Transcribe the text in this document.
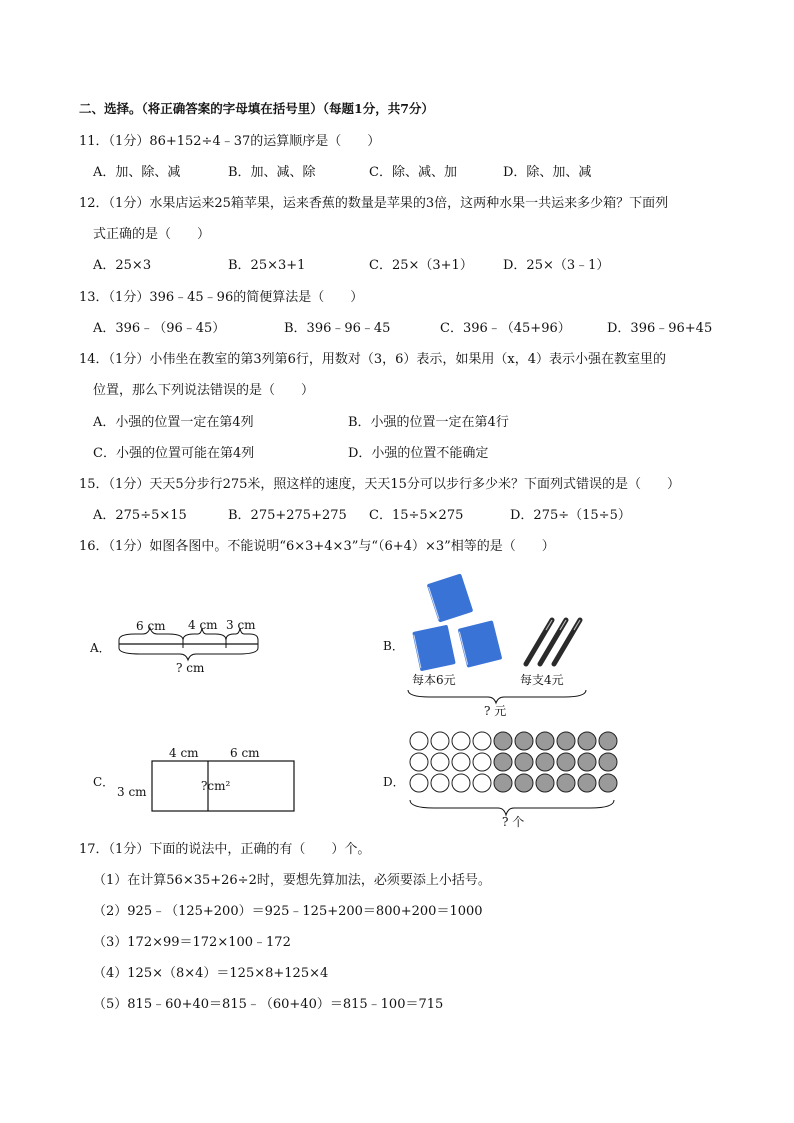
二、选择。（将正确答案的字母填在括号里）（每题1分，共7分）
11．（1分）86+152÷4﹣37的运算顺序是（　　）
A．加、除、减	B．加、减、除	C．除、减、加	D．除、加、减
12．（1分）水果店运来25箱苹果，运来香蕉的数量是苹果的3倍，这两种水果一共运来多少箱？下面列
式正确的是（　　）
A．25×3	B．25×3+1	C．25×（3+1） D．25×（3﹣1）
13．（1分）396﹣45﹣96的简便算法是（　　）
A．396﹣（96﹣45）	B．396﹣96﹣45	C．396﹣（45+96）	D．396﹣96+45
14．（1分）小伟坐在教室的第3列第6行，用数对（3，6）表示，如果用（x，4）表示小强在教室里的
位置，那么下列说法错误的是（　　）
A．小强的位置一定在第4列	B．小强的位置一定在第4行
C．小强的位置可能在第4列	D．小强的位置不能确定
15．（1分）天天5分步行275米，照这样的速度，天天15分可以步行多少米？下面列式错误的是（　　）
A．275÷5×15	B．275+275+275 C．15÷5×275	D．275÷（15÷5）
16．（1分）如图各图中。不能说明“6×3+4×3”与“（6+4）×3”相等的是（　　）
A．
6 cm 4 cm 3 cm
? cm
B．
每本6元	每支4元
? 元
C．
4 cm	6 cm
3 cm	?cm²	D．
? 个
17．（1分）下面的说法中，正确的有（　　）个。
（1）在计算56×35+26÷2时，要想先算加法，必须要添上小括号。
（2）925﹣（125+200）＝925﹣125+200＝800+200＝1000
（3）172×99＝172×100﹣172
（4）125×（8×4）＝125×8+125×4
（5）815﹣60+40＝815﹣（60+40）＝815﹣100＝715
